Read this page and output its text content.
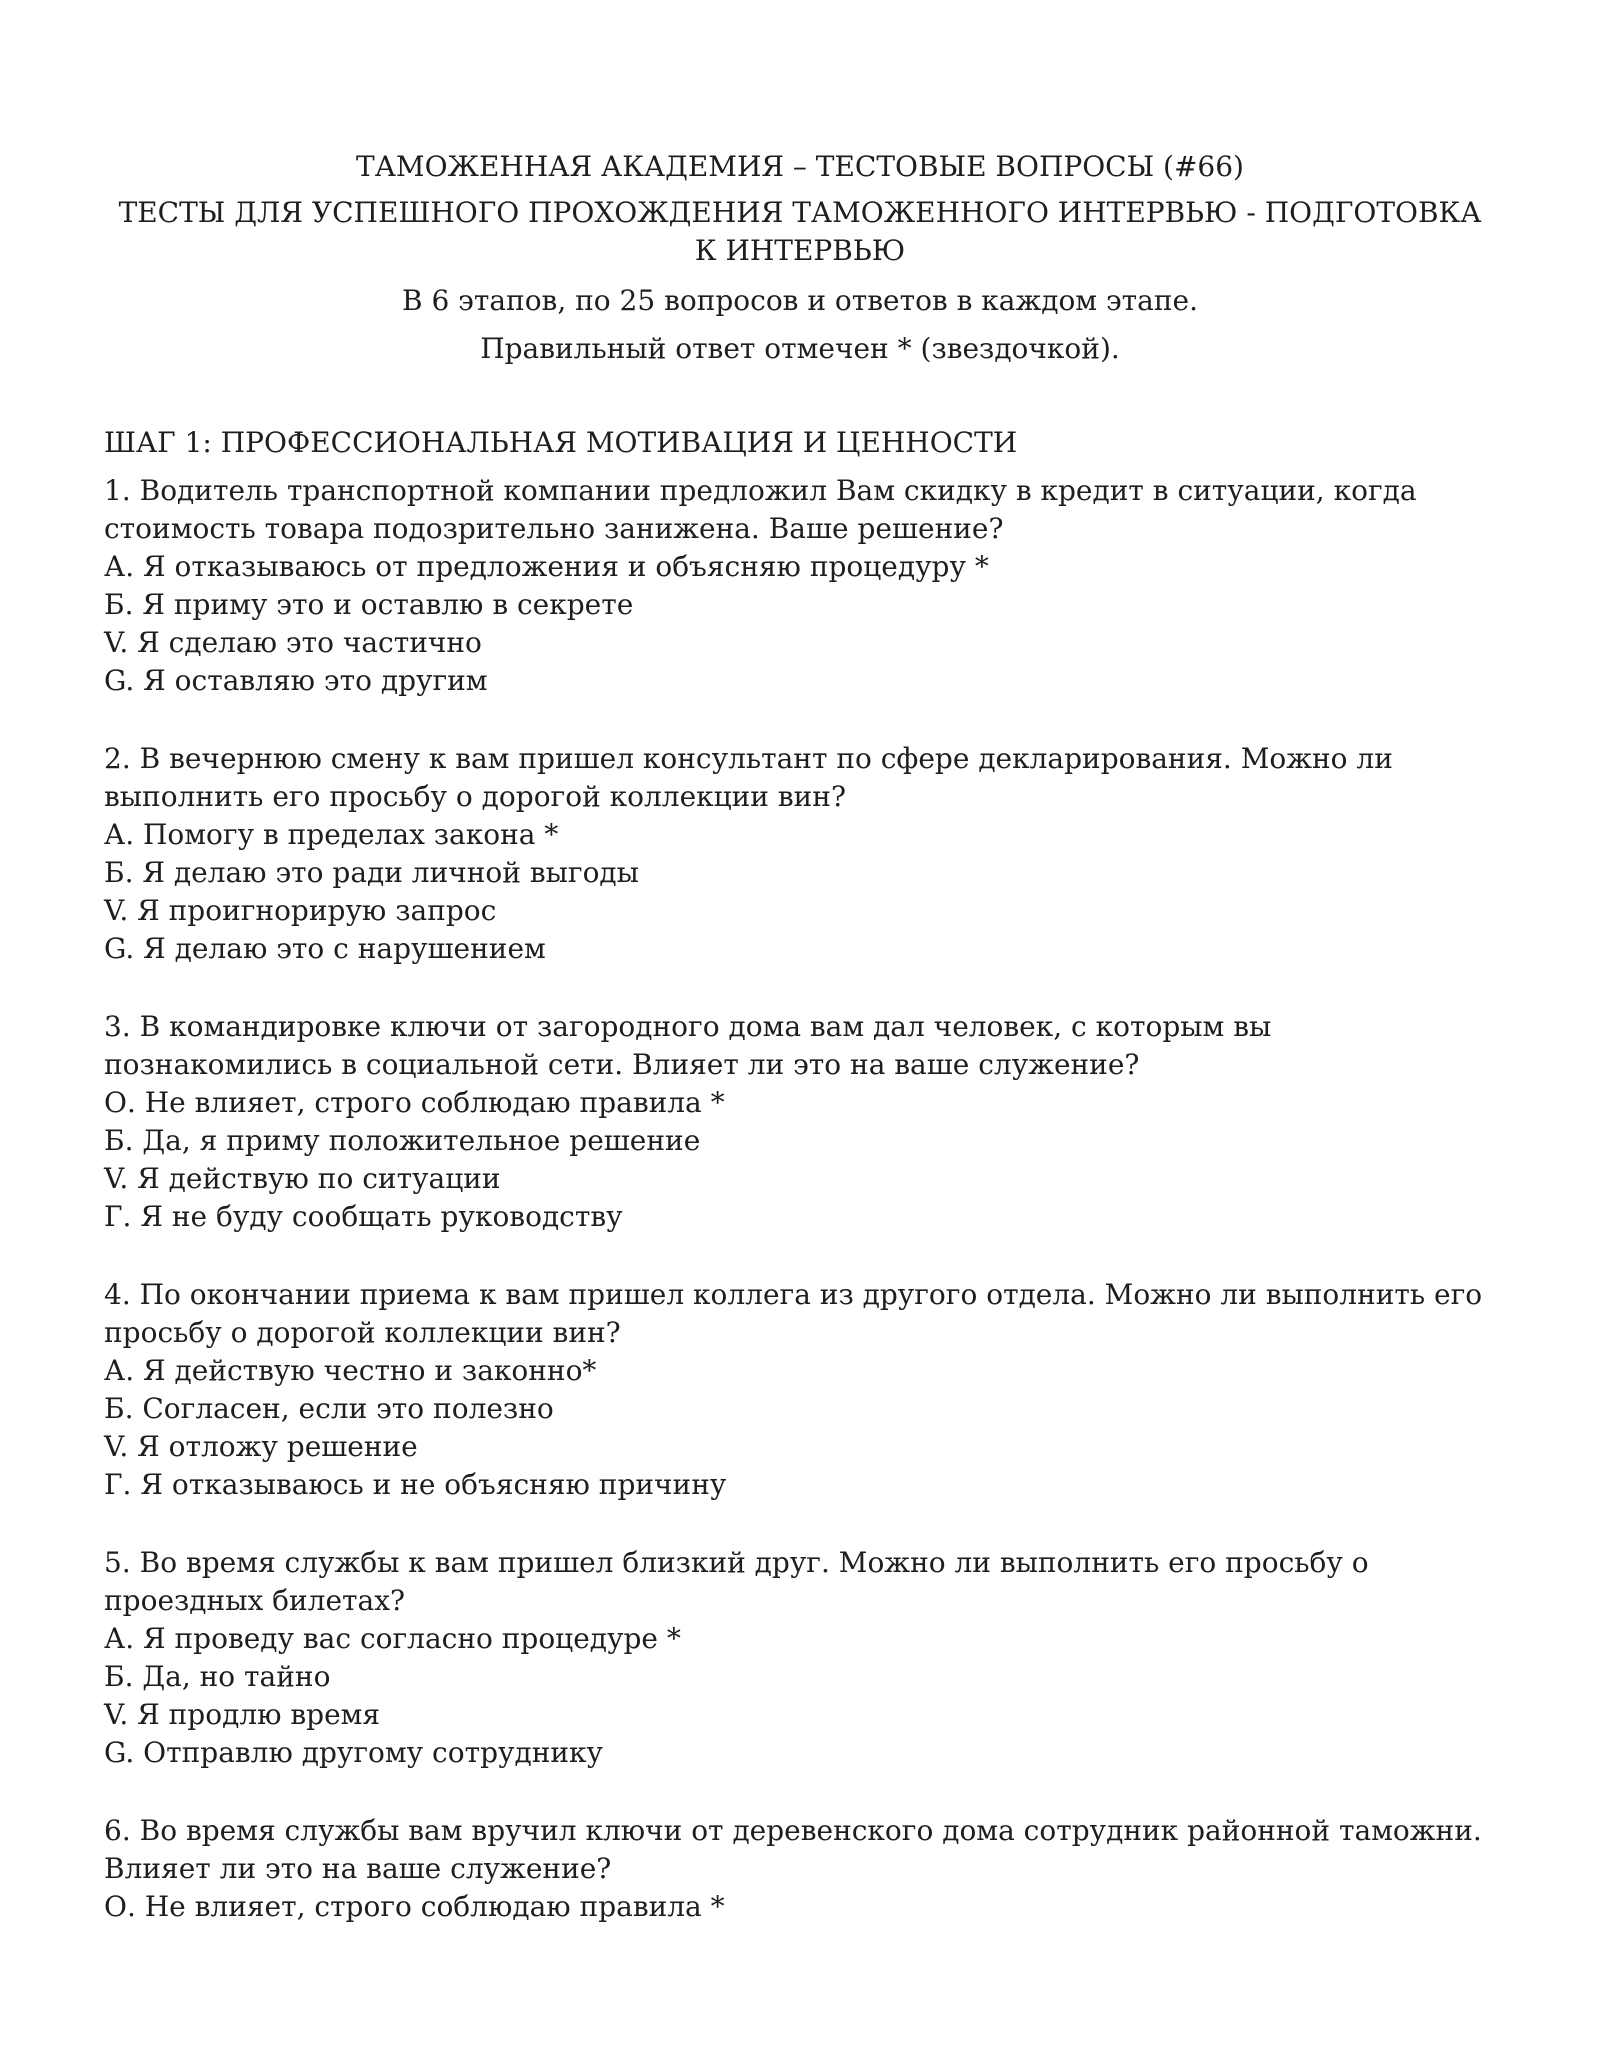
ТАМОЖЕННАЯ АКАДЕМИЯ – ТЕСТОВЫЕ ВОПРОСЫ (#66)
ТЕСТЫ ДЛЯ УСПЕШНОГО ПРОХОЖДЕНИЯ ТАМОЖЕННОГО ИНТЕРВЬЮ - ПОДГОТОВКА К ИНТЕРВЬЮ
В 6 этапов, по 25 вопросов и ответов в каждом этапе.
Правильный ответ отмечен * (звездочкой).
ШАГ 1: ПРОФЕССИОНАЛЬНАЯ МОТИВАЦИЯ И ЦЕННОСТИ

1. Водитель транспортной компании предложил Вам скидку в кредит в ситуации, когда стоимость товара подозрительно занижена. Ваше решение?

А. Я отказываюсь от предложения и объясняю процедуру *
Б. Я приму это и оставлю в секрете
V. Я сделаю это частично
G. Я оставляю это другим

2. В вечернюю смену к вам пришел консультант по сфере декларирования. Можно ли выполнить его просьбу о дорогой коллекции вин?

А. Помогу в пределах закона *
Б. Я делаю это ради личной выгоды
V. Я проигнорирую запрос
G. Я делаю это с нарушением

3. В командировке ключи от загородного дома вам дал человек, с которым вы познакомились в социальной сети. Влияет ли это на ваше служение?

О. Не влияет, строго соблюдаю правила *
Б. Да, я приму положительное решение
V. Я действую по ситуации
Г. Я не буду сообщать руководству

4. По окончании приема к вам пришел коллега из другого отдела. Можно ли выполнить его просьбу о дорогой коллекции вин?

А. Я действую честно и законно*
Б. Согласен, если это полезно
V. Я отложу решение
Г. Я отказываюсь и не объясняю причину

5. Во время службы к вам пришел близкий друг. Можно ли выполнить его просьбу о проездных билетах?

А. Я проведу вас согласно процедуре *
Б. Да, но тайно
V. Я продлю время
G. Отправлю другому сотруднику

6. Во время службы вам вручил ключи от деревенского дома сотрудник районной таможни. Влияет ли это на ваше служение?

О. Не влияет, строго соблюдаю правила *
